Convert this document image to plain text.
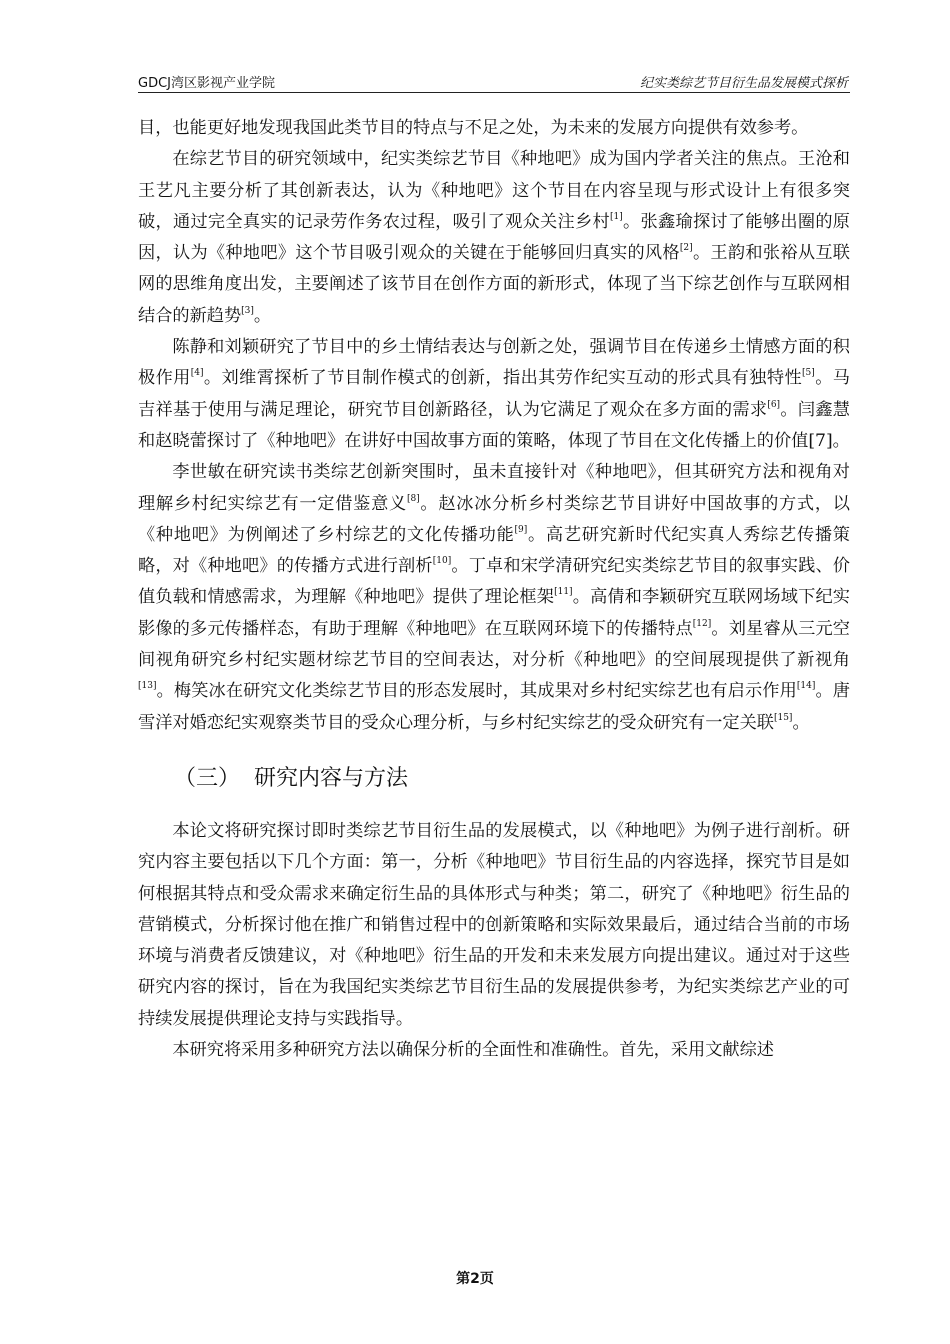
GDCJ湾区影视产业学院	纪实类综艺节目衍生品发展模式探析

目，也能更好地发现我国此类节目的特点与不足之处，为未来的发展方向提供有效参考。

在综艺节目的研究领域中，纪实类综艺节目《种地吧》成为国内学者关注的焦点。王沧和王艺凡主要分析了其创新表达，认为《种地吧》这个节目在内容呈现与形式设计上有很多突破，通过完全真实的记录劳作务农过程，吸引了观众关注乡村[1]。张鑫瑜探讨了能够出圈的原因，认为《种地吧》这个节目吸引观众的关键在于能够回归真实的风格[2]。王韵和张裕从互联网的思维角度出发，主要阐述了该节目在创作方面的新形式，体现了当下综艺创作与互联网相结合的新趋势[3]。

陈静和刘颖研究了节目中的乡土情结表达与创新之处，强调节目在传递乡土情感方面的积极作用[4]。刘维霄探析了节目制作模式的创新，指出其劳作纪实互动的形式具有独特性[5]。马吉祥基于使用与满足理论，研究节目创新路径，认为它满足了观众在多方面的需求[6]。闫鑫慧和赵晓蕾探讨了《种地吧》在讲好中国故事方面的策略，体现了节目在文化传播上的价值[7]。

李世敏在研究读书类综艺创新突围时，虽未直接针对《种地吧》，但其研究方法和视角对理解乡村纪实综艺有一定借鉴意义[8]。赵冰冰分析乡村类综艺节目讲好中国故事的方式，以《种地吧》为例阐述了乡村综艺的文化传播功能[9]。高艺研究新时代纪实真人秀综艺传播策略，对《种地吧》的传播方式进行剖析[10]。丁卓和宋学清研究纪实类综艺节目的叙事实践、价值负载和情感需求，为理解《种地吧》提供了理论框架[11]。高倩和李颖研究互联网场域下纪实影像的多元传播样态，有助于理解《种地吧》在互联网环境下的传播特点[12]。刘星睿从三元空间视角研究乡村纪实题材综艺节目的空间表达，对分析《种地吧》的空间展现提供了新视角[13]。梅笑冰在研究文化类综艺节目的形态发展时，其成果对乡村纪实综艺也有启示作用[14]。唐雪洋对婚恋纪实观察类节目的受众心理分析，与乡村纪实综艺的受众研究有一定关联[15]。

（三）  研究内容与方法

本论文将研究探讨即时类综艺节目衍生品的发展模式，以《种地吧》为例子进行剖析。研究内容主要包括以下几个方面：第一，分析《种地吧》节目衍生品的内容选择，探究节目是如何根据其特点和受众需求来确定衍生品的具体形式与种类；第二，研究了《种地吧》衍生品的营销模式，分析探讨他在推广和销售过程中的创新策略和实际效果最后，通过结合当前的市场环境与消费者反馈建议，对《种地吧》衍生品的开发和未来发展方向提出建议。通过对于这些研究内容的探讨，旨在为我国纪实类综艺节目衍生品的发展提供参考，为纪实类综艺产业的可持续发展提供理论支持与实践指导。

本研究将采用多种研究方法以确保分析的全面性和准确性。首先，采用文献综述

第2页
